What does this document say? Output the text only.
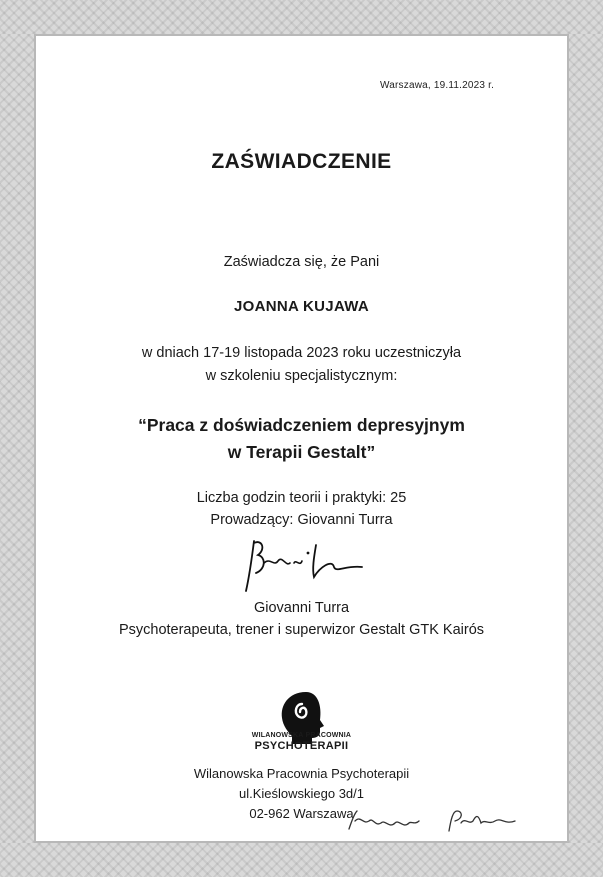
Warszawa, 19.11.2023 r.
ZAŚWIADCZENIE
Zaświadcza się, że Pani
JOANNA KUJAWA
w dniach 17-19 listopada 2023 roku uczestniczyła
w szkoleniu specjalistycznym:
“Praca z doświadczeniem depresyjnym
w Terapii Gestalt”
Liczba godzin teorii i praktyki: 25
Prowadzący: Giovanni Turra
Giovanni Turra
Psychoterapeuta, trener i superwizor Gestalt GTK Kairós
WILANOWSKA PRACOWNIA
PSYCHOTERAPII
Wilanowska Pracownia Psychoterapii
ul.Kieślowskiego 3d/1
02-962 Warszawa
